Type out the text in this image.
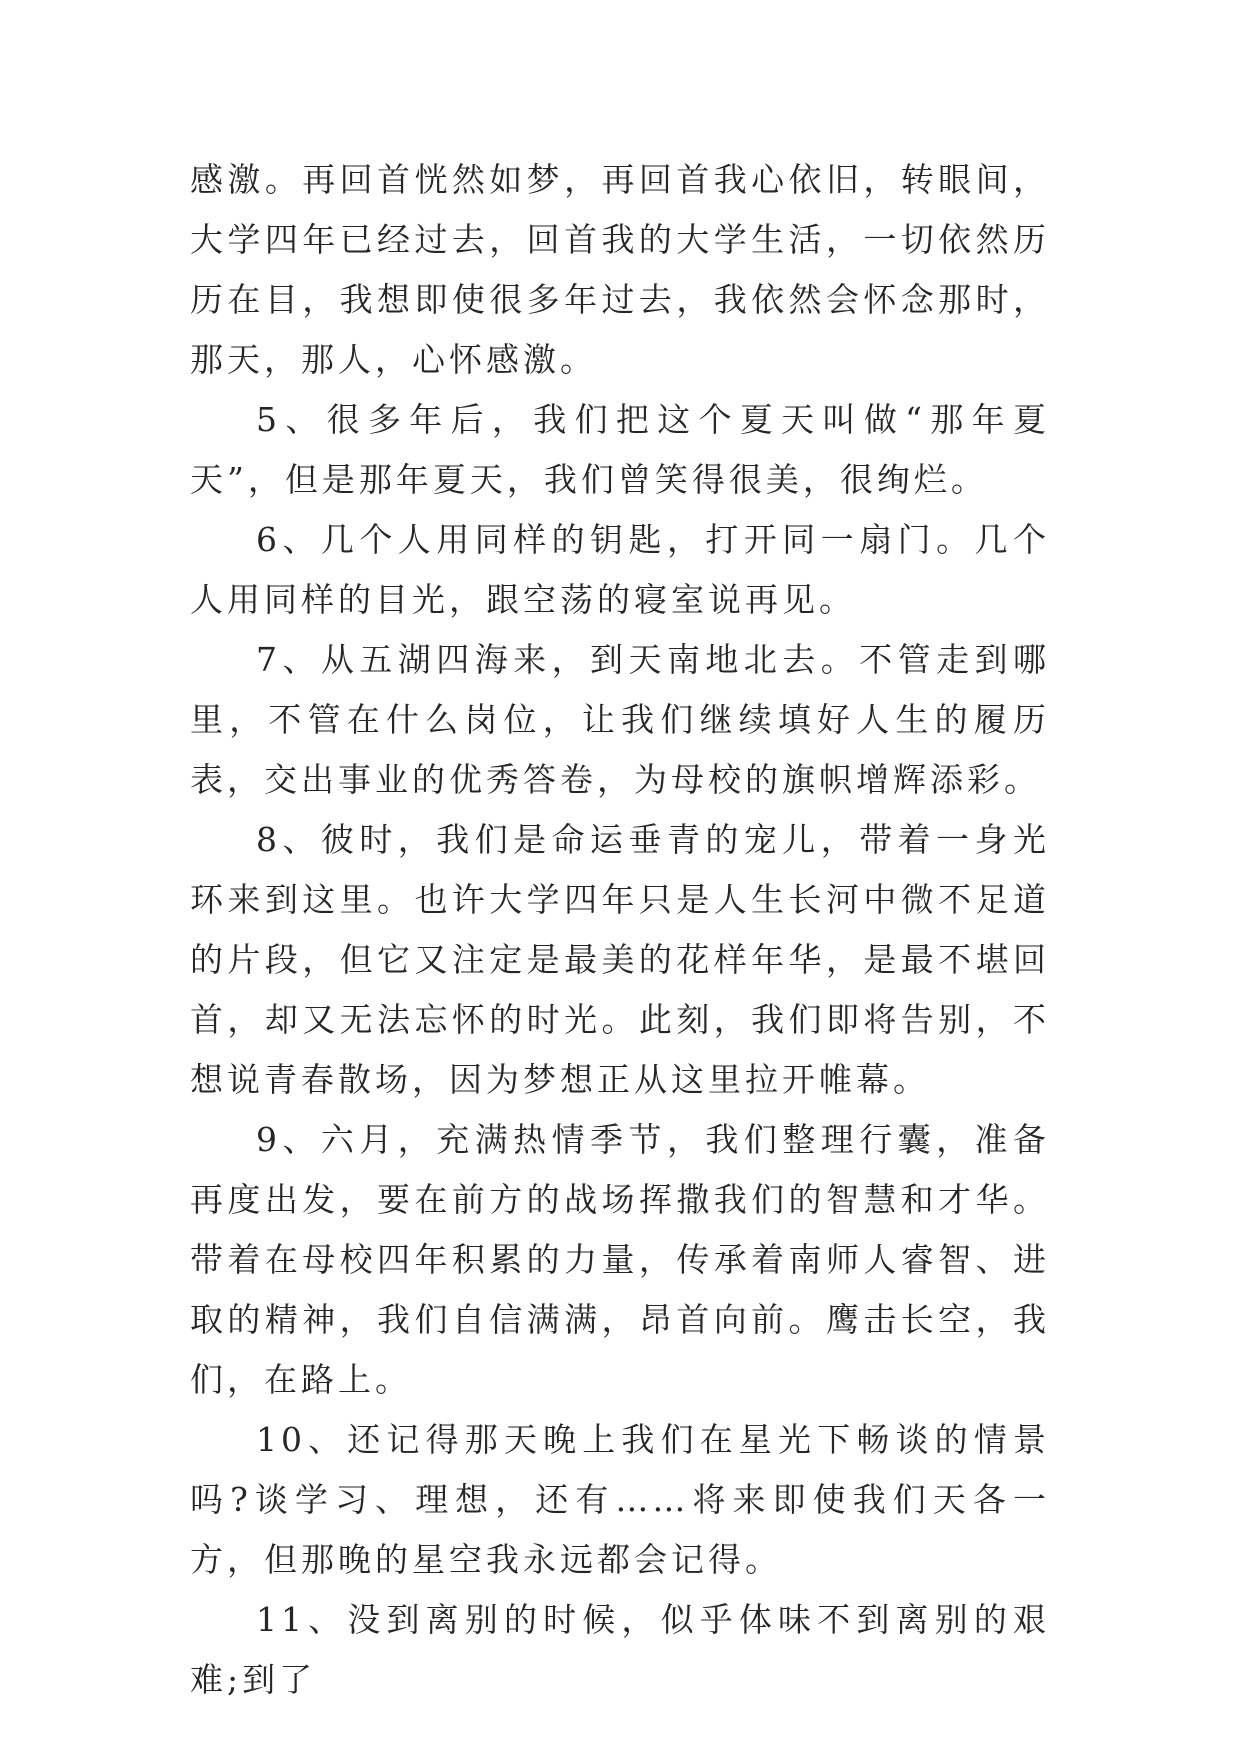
感激。再回首恍然如梦，再回首我心依旧，转眼间，大学四年已经过去，回首我的大学生活，一切依然历历在目，我想即使很多年过去，我依然会怀念那时，那天，那人，心怀感激。

5、很多年后，我们把这个夏天叫做“那年夏天”，但是那年夏天，我们曾笑得很美，很绚烂。

6、几个人用同样的钥匙，打开同一扇门。几个人用同样的目光，跟空荡的寝室说再见。

7、从五湖四海来，到天南地北去。不管走到哪里，不管在什么岗位，让我们继续填好人生的履历表，交出事业的优秀答卷，为母校的旗帜增辉添彩。

8、彼时，我们是命运垂青的宠儿，带着一身光环来到这里。也许大学四年只是人生长河中微不足道的片段，但它又注定是最美的花样年华，是最不堪回首，却又无法忘怀的时光。此刻，我们即将告别，不想说青春散场，因为梦想正从这里拉开帷幕。

9、六月，充满热情季节，我们整理行囊，准备再度出发，要在前方的战场挥撒我们的智慧和才华。带着在母校四年积累的力量，传承着南师人睿智、进取的精神，我们自信满满，昂首向前。鹰击长空，我们，在路上。

10、还记得那天晚上我们在星光下畅谈的情景吗?谈学习、理想，还有……将来即使我们天各一方，但那晚的星空我永远都会记得。

11、没到离别的时候，似乎体味不到离别的艰难;到了
